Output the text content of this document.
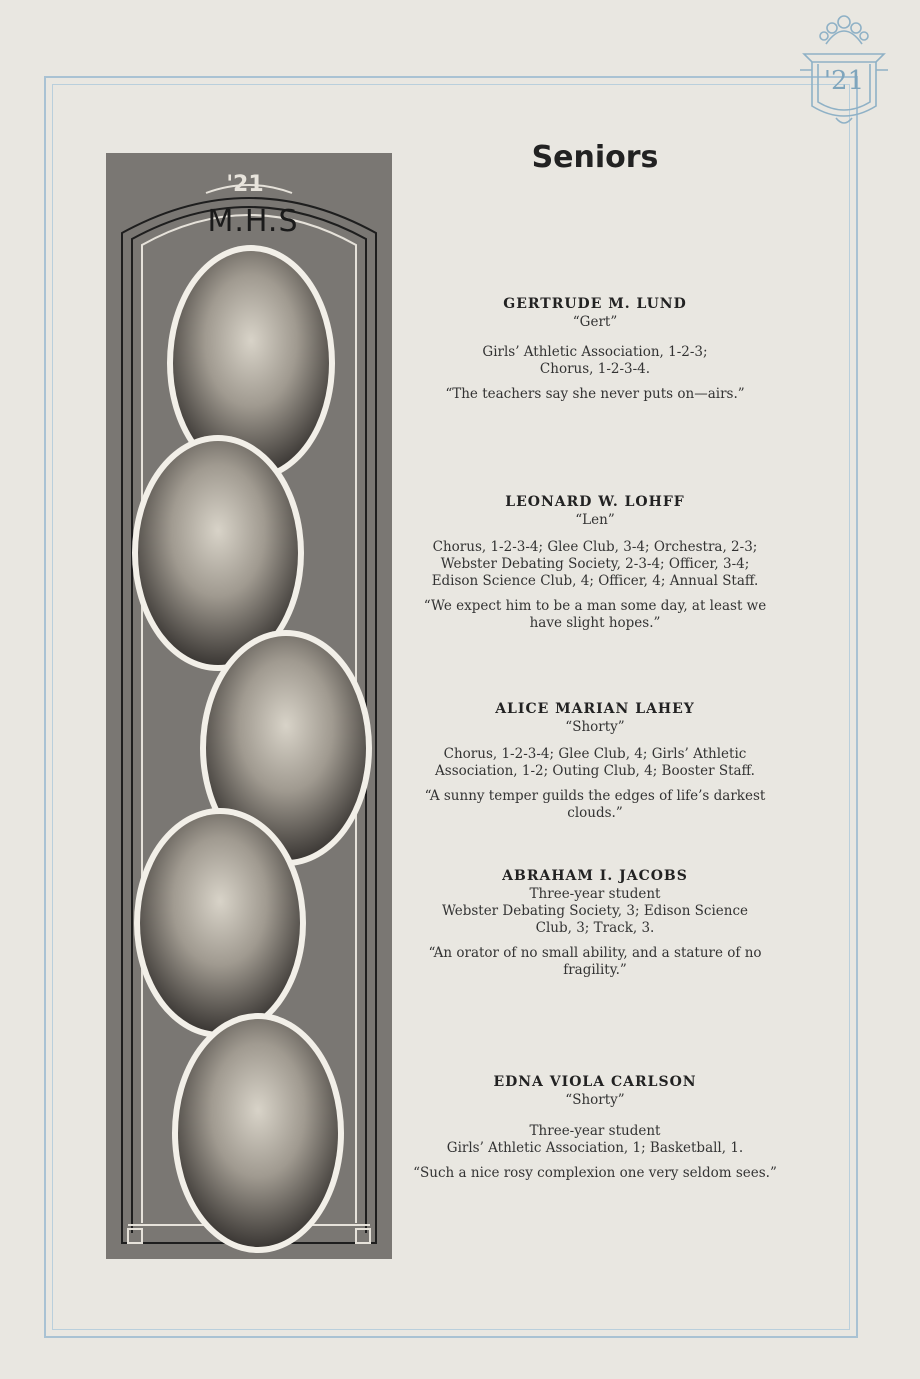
'21
Seniors
'21
M.H.S
GERTRUDE M. LUND
“Gert”
Girls’ Athletic Association, 1-2-3;
Chorus, 1-2-3-4.
“The teachers say she never puts on—airs.”
LEONARD W. LOHFF
“Len”
Chorus, 1-2-3-4; Glee Club, 3-4; Orchestra, 2-3;
Webster Debating Society, 2-3-4; Officer, 3-4;
Edison Science Club, 4; Officer, 4; Annual Staff.
“We expect him to be a man some day, at least we have slight hopes.”
ALICE MARIAN LAHEY
“Shorty”
Chorus, 1-2-3-4; Glee Club, 4; Girls’ Athletic
Association, 1-2; Outing Club, 4; Booster Staff.
“A sunny temper guilds the edges of life’s darkest clouds.”
ABRAHAM I. JACOBS
Three-year student
Webster Debating Society, 3; Edison Science
Club, 3; Track, 3.
“An orator of no small ability, and a stature of no fragility.”
EDNA VIOLA CARLSON
“Shorty”
Three-year student
Girls’ Athletic Association, 1; Basketball, 1.
“Such a nice rosy complexion one very seldom sees.”
